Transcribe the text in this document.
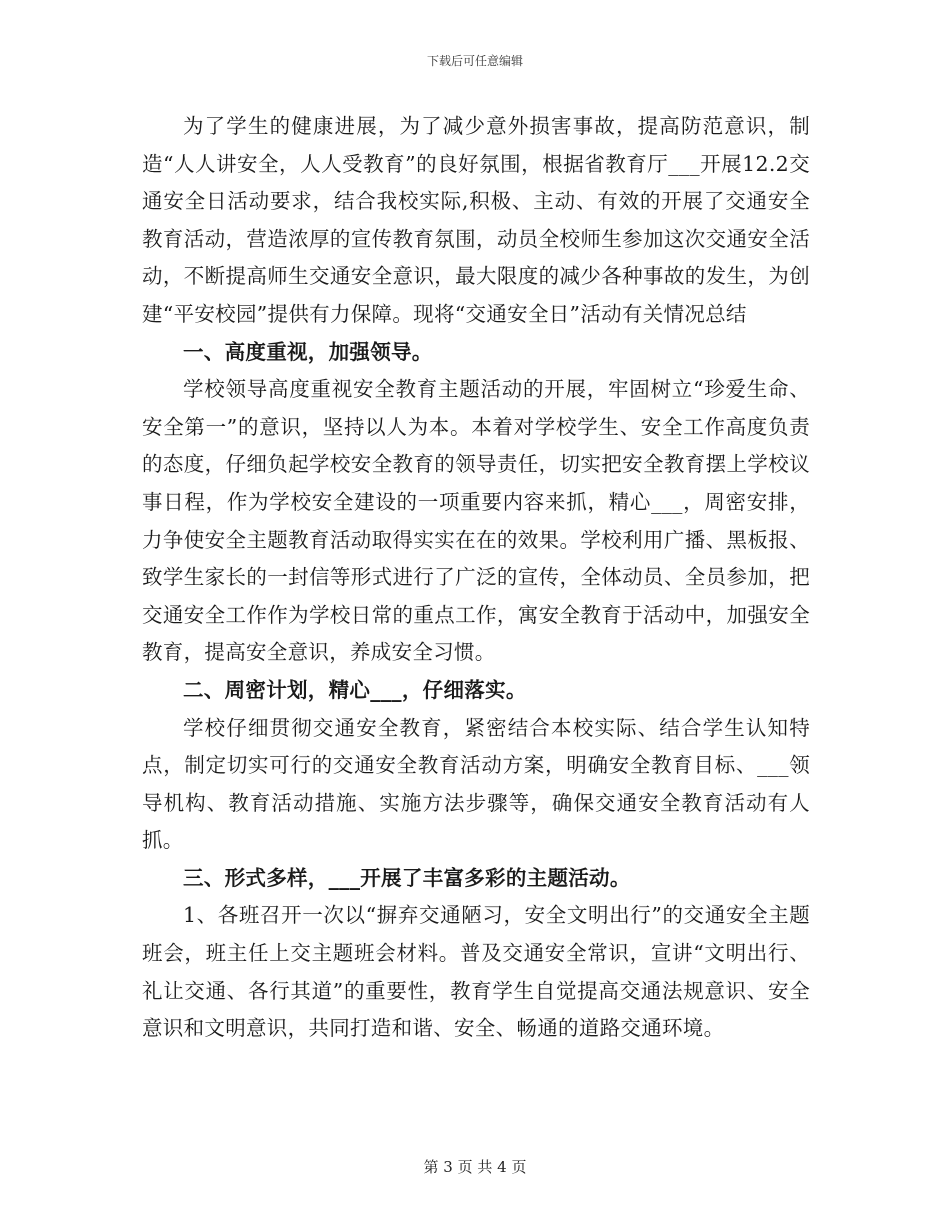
下载后可任意编辑

为了学生的健康进展，为了减少意外损害事故，提高防范意识，制造“人人讲安全，人人受教育”的良好氛围，根据省教育厅___开展12.2交通安全日活动要求，结合我校实际,积极、主动、有效的开展了交通安全教育活动，营造浓厚的宣传教育氛围，动员全校师生参加这次交通安全活动，不断提高师生交通安全意识，最大限度的减少各种事故的发生，为创建“平安校园”提供有力保障。现将“交通安全日”活动有关情况总结

一、高度重视，加强领导。

学校领导高度重视安全教育主题活动的开展，牢固树立“珍爱生命、安全第一”的意识，坚持以人为本。本着对学校学生、安全工作高度负责的态度，仔细负起学校安全教育的领导责任，切实把安全教育摆上学校议事日程，作为学校安全建设的一项重要内容来抓，精心___，周密安排，力争使安全主题教育活动取得实实在在的效果。学校利用广播、黑板报、致学生家长的一封信等形式进行了广泛的宣传，全体动员、全员参加，把交通安全工作作为学校日常的重点工作，寓安全教育于活动中，加强安全教育，提高安全意识，养成安全习惯。

二、周密计划，精心___，仔细落实。

学校仔细贯彻交通安全教育，紧密结合本校实际、结合学生认知特点，制定切实可行的交通安全教育活动方案，明确安全教育目标、___领导机构、教育活动措施、实施方法步骤等，确保交通安全教育活动有人抓。

三、形式多样，___开展了丰富多彩的主题活动。

1、各班召开一次以“摒弃交通陋习，安全文明出行”的交通安全主题班会，班主任上交主题班会材料。普及交通安全常识，宣讲“文明出行、礼让交通、各行其道”的重要性，教育学生自觉提高交通法规意识、安全意识和文明意识，共同打造和谐、安全、畅通的道路交通环境。

第 3 页 共 4 页
